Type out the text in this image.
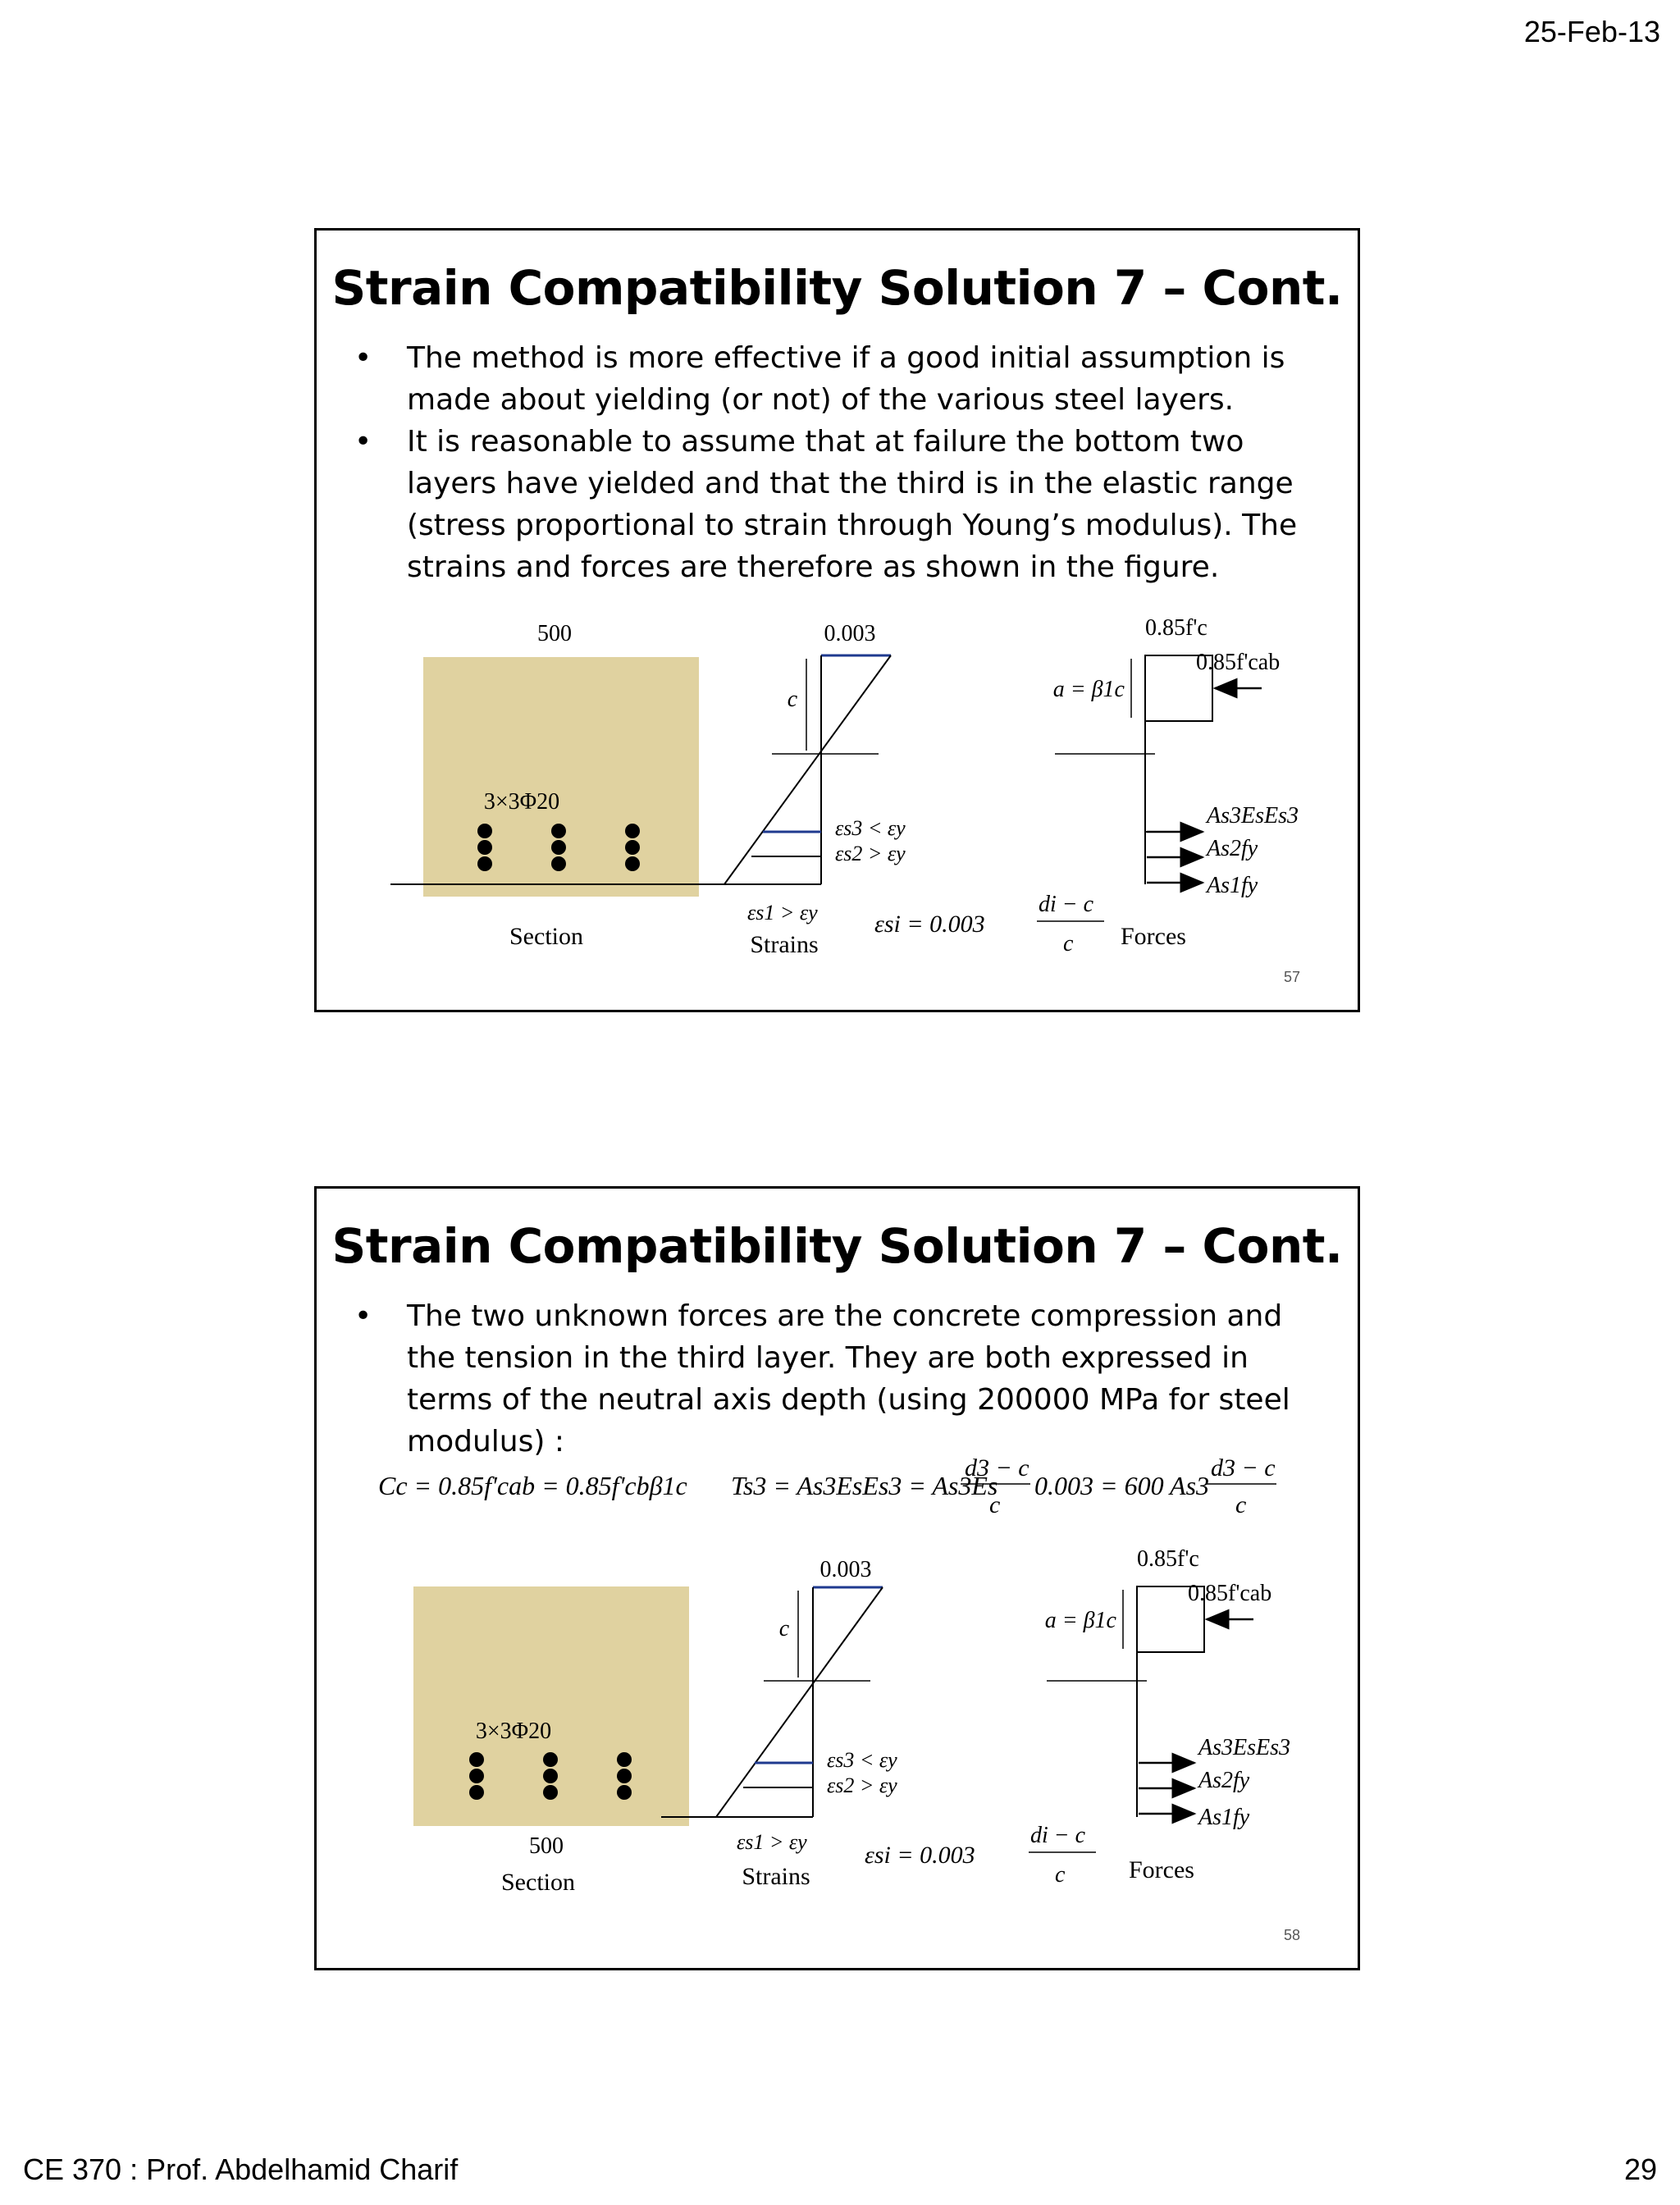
25-Feb-13
Strain Compatibility Solution 7 – Cont.

• The method is more effective if a good initial assumption is made about yielding (or not) of the various steel layers.

• It is reasonable to assume that at failure the bottom two layers have yielded and that the third is in the elastic range (stress proportional to strain through Young’s modulus). The strains and forces are therefore as shown in the figure.

500
3×3Φ20
Section
0.003
c
εs3 < εy
εs2 > εy
εs1 > εy
Strains
εsi = 0.003
di − c
c
0.85f'c
0.85f'cab
a = β1c
As3EsEs3
As2fy
As1fy
Forces
57
Strain Compatibility Solution 7 – Cont.

• The two unknown forces are the concrete compression and the tension in the third layer. They are both expressed in terms of the neutral axis depth (using 200000 MPa for steel modulus) :

Cc = 0.85f'cab = 0.85f'cbβ1c Ts3 = As3EsEs3 = As3Es
d3 − c
c
0.003 = 600 As3
d3 − c
c
3×3Φ20
500
Section
0.003
c
εs3 < εy
εs2 > εy
εs1 > εy
Strains
εsi = 0.003
di − c
c
0.85f'c
0.85f'cab
a = β1c
As3EsEs3
As2fy
As1fy
Forces
58
CE 370 : Prof. Abdelhamid Charif	29
